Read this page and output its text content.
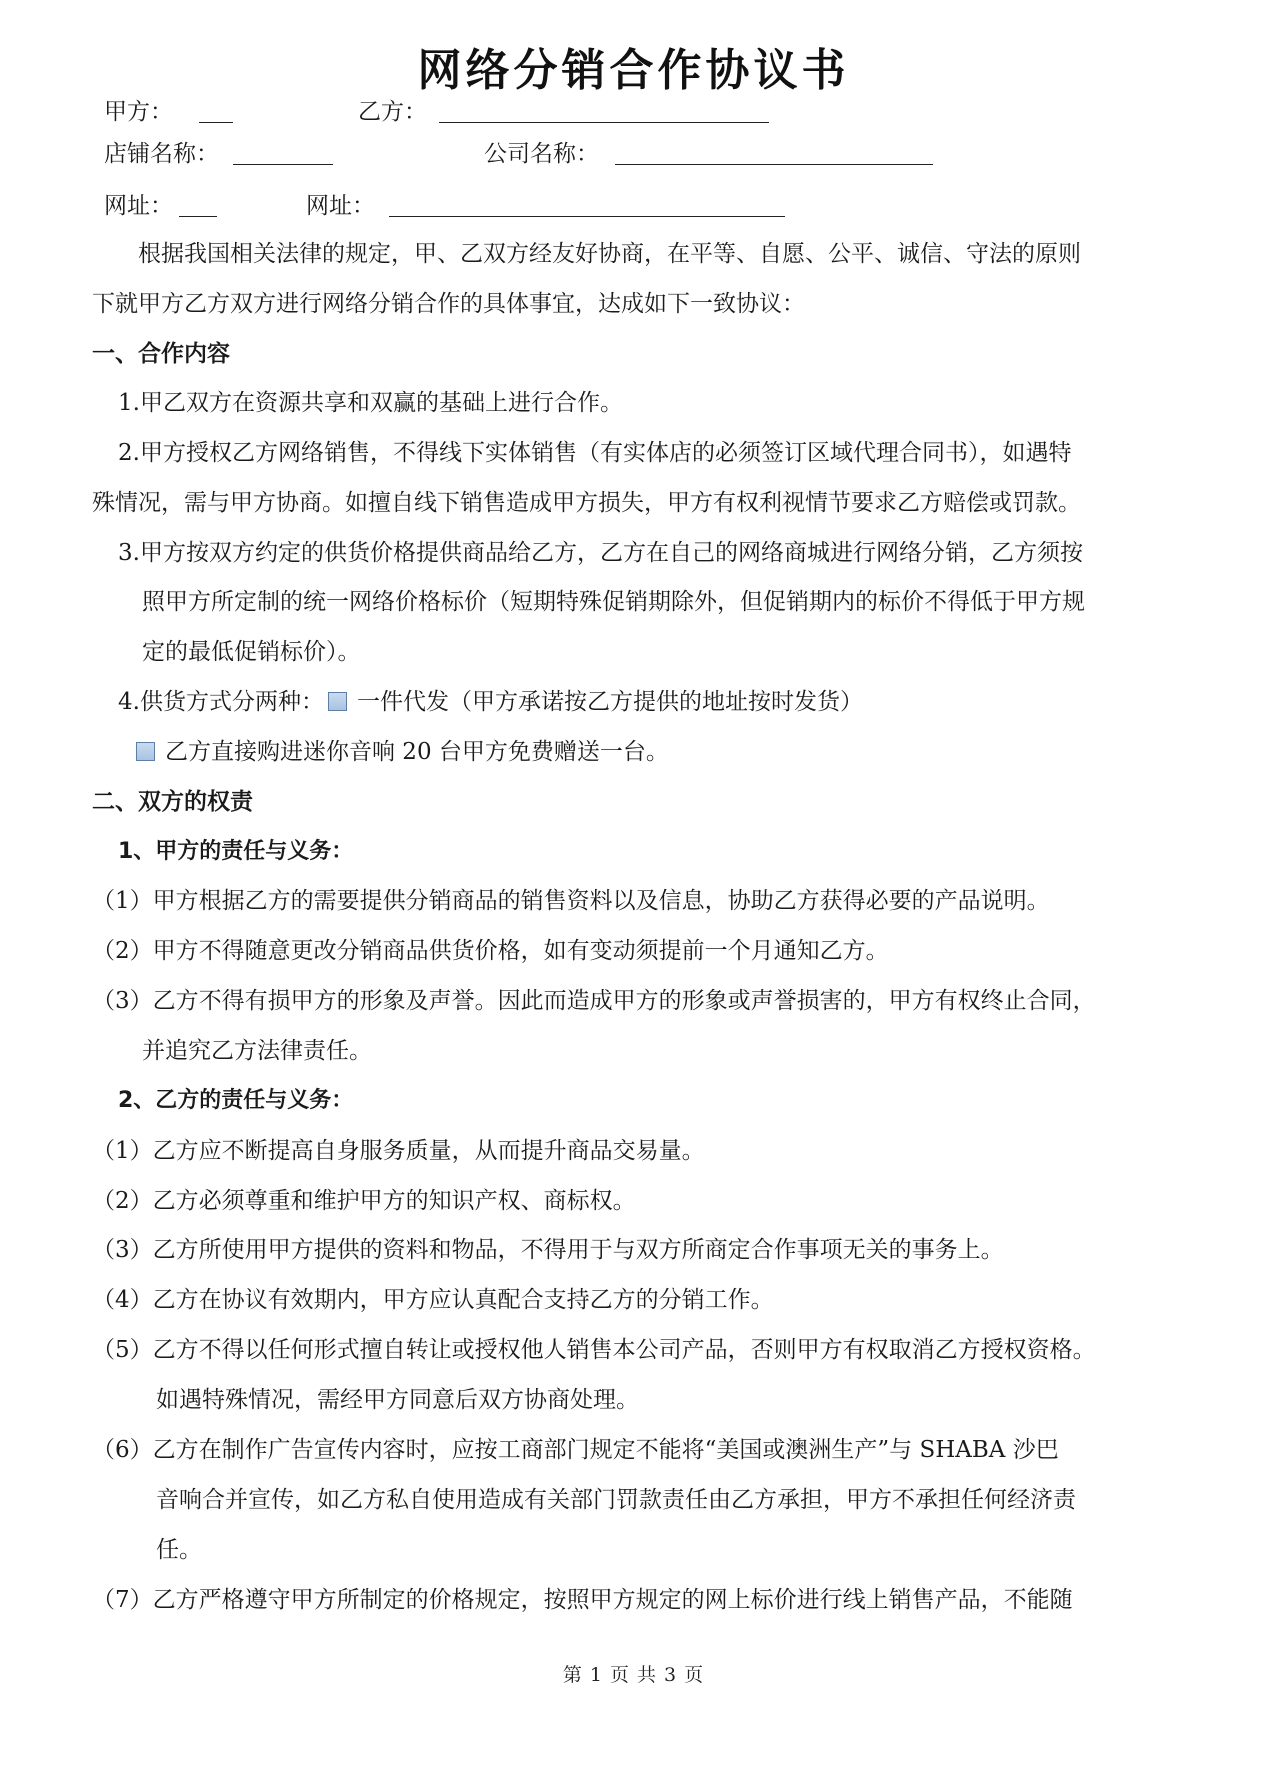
网络分销合作协议书
甲方：	乙方：
店铺名称：	公司名称：
网址：	网址：
根据我国相关法律的规定，甲、乙双方经友好协商，在平等、自愿、公平、诚信、守法的原则
下就甲方乙方双方进行网络分销合作的具体事宜，达成如下一致协议：
一、合作内容
1.甲乙双方在资源共享和双赢的基础上进行合作。
2.甲方授权乙方网络销售，不得线下实体销售（有实体店的必须签订区域代理合同书），如遇特
殊情况，需与甲方协商。如擅自线下销售造成甲方损失，甲方有权利视情节要求乙方赔偿或罚款。
3.甲方按双方约定的供货价格提供商品给乙方，乙方在自己的网络商城进行网络分销，乙方须按
照甲方所定制的统一网络价格标价（短期特殊促销期除外，但促销期内的标价不得低于甲方规
定的最低促销标价）。
4.供货方式分两种： 一件代发（甲方承诺按乙方提供的地址按时发货）
乙方直接购进迷你音响 20 台甲方免费赠送一台。
二、双方的权责
1、甲方的责任与义务：
（1）甲方根据乙方的需要提供分销商品的销售资料以及信息，协助乙方获得必要的产品说明。
（2）甲方不得随意更改分销商品供货价格，如有变动须提前一个月通知乙方。
（3）乙方不得有损甲方的形象及声誉。因此而造成甲方的形象或声誉损害的，甲方有权终止合同，
并追究乙方法律责任。
2、乙方的责任与义务：
（1）乙方应不断提高自身服务质量，从而提升商品交易量。
（2）乙方必须尊重和维护甲方的知识产权、商标权。
（3）乙方所使用甲方提供的资料和物品，不得用于与双方所商定合作事项无关的事务上。
（4）乙方在协议有效期内，甲方应认真配合支持乙方的分销工作。
（5）乙方不得以任何形式擅自转让或授权他人销售本公司产品，否则甲方有权取消乙方授权资格。
如遇特殊情况，需经甲方同意后双方协商处理。
（6）乙方在制作广告宣传内容时，应按工商部门规定不能将“美国或澳洲生产”与 SHABA 沙巴
音响合并宣传，如乙方私自使用造成有关部门罚款责任由乙方承担，甲方不承担任何经济责
任。
（7）乙方严格遵守甲方所制定的价格规定，按照甲方规定的网上标价进行线上销售产品，不能随
第 1 页 共 3 页
